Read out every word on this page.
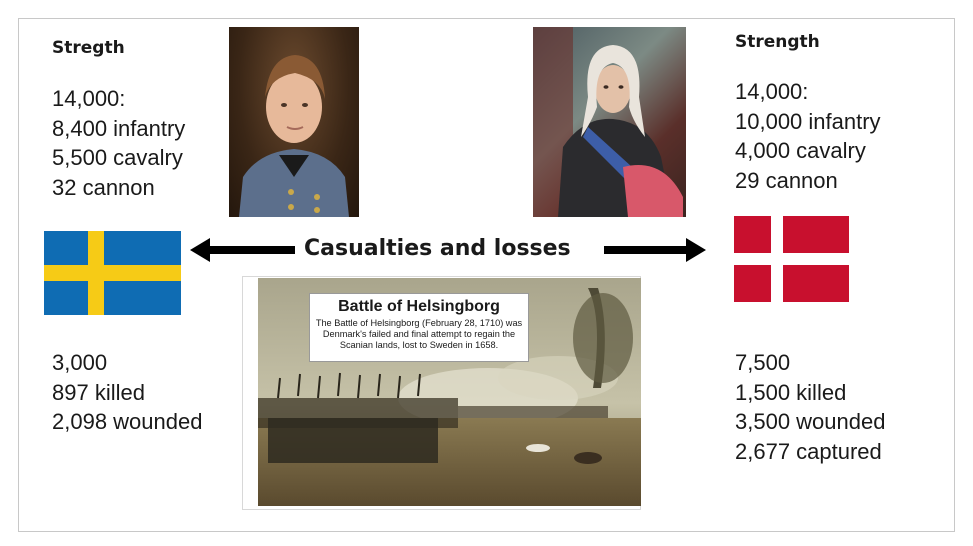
Stregth
14,000:
8,400 infantry
5,500 cavalry
32 cannon
Strength
14,000:
10,000 infantry
4,000 cavalry
29 cannon
Casualties and losses
3,000
897 killed
2,098 wounded
7,500
1,500 killed
3,500 wounded
2,677 captured
Battle of Helsingborg
The Battle of Helsingborg (February 28, 1710) was Denmark's failed and final attempt to regain the Scanian lands, lost to Sweden in 1658.
